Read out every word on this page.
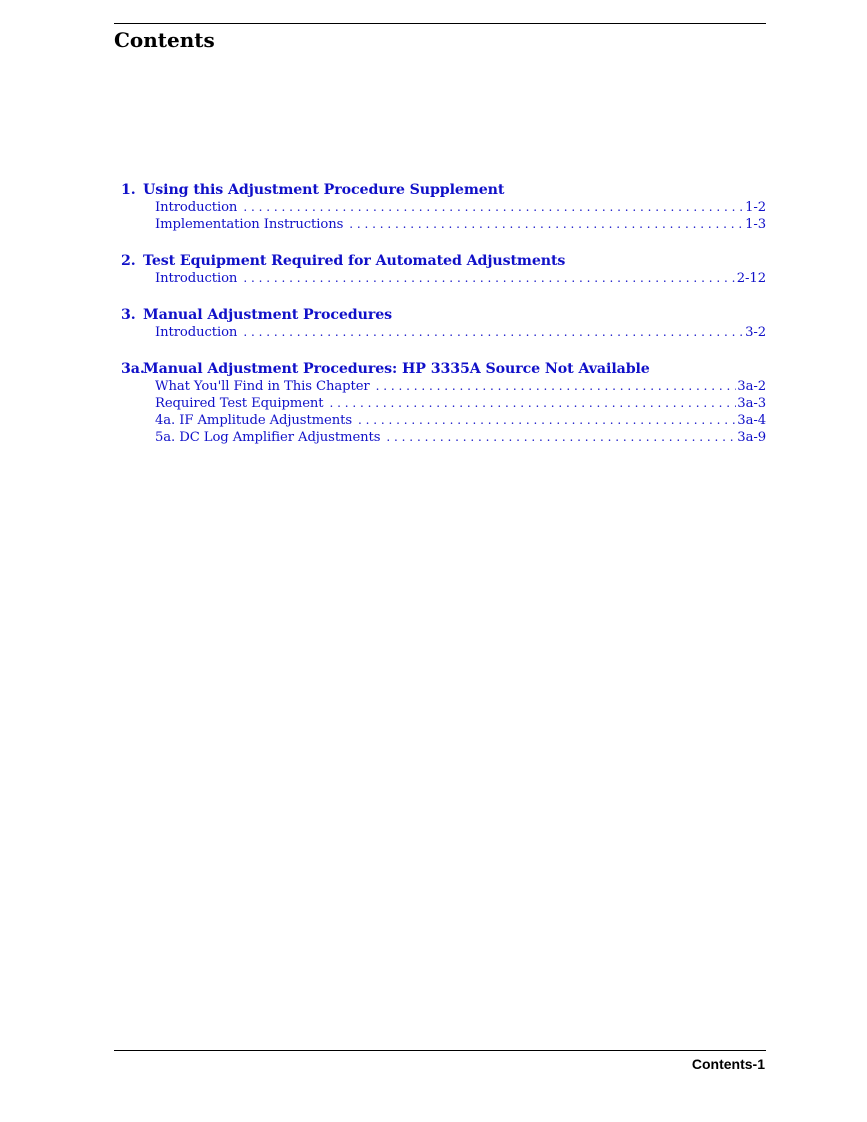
Contents
1. Using this Adjustment Procedure Supplement
Introduction . . .	1-2
Implementation Instructions . . .	1-3
2. Test Equipment Required for Automated Adjustments
Introduction . . .	2-12
3. Manual Adjustment Procedures
Introduction . . .	3-2
3a.
Manual Adjustment Procedures: HP 3335A Source Not Available
What You'll Find in This Chapter . . .	3a-2
Required Test Equipment . . .	3a-3
4a. IF Amplitude Adjustments . . .	3a-4
5a. DC Log Amplifier Adjustments . . .	3a-9
Contents-1
